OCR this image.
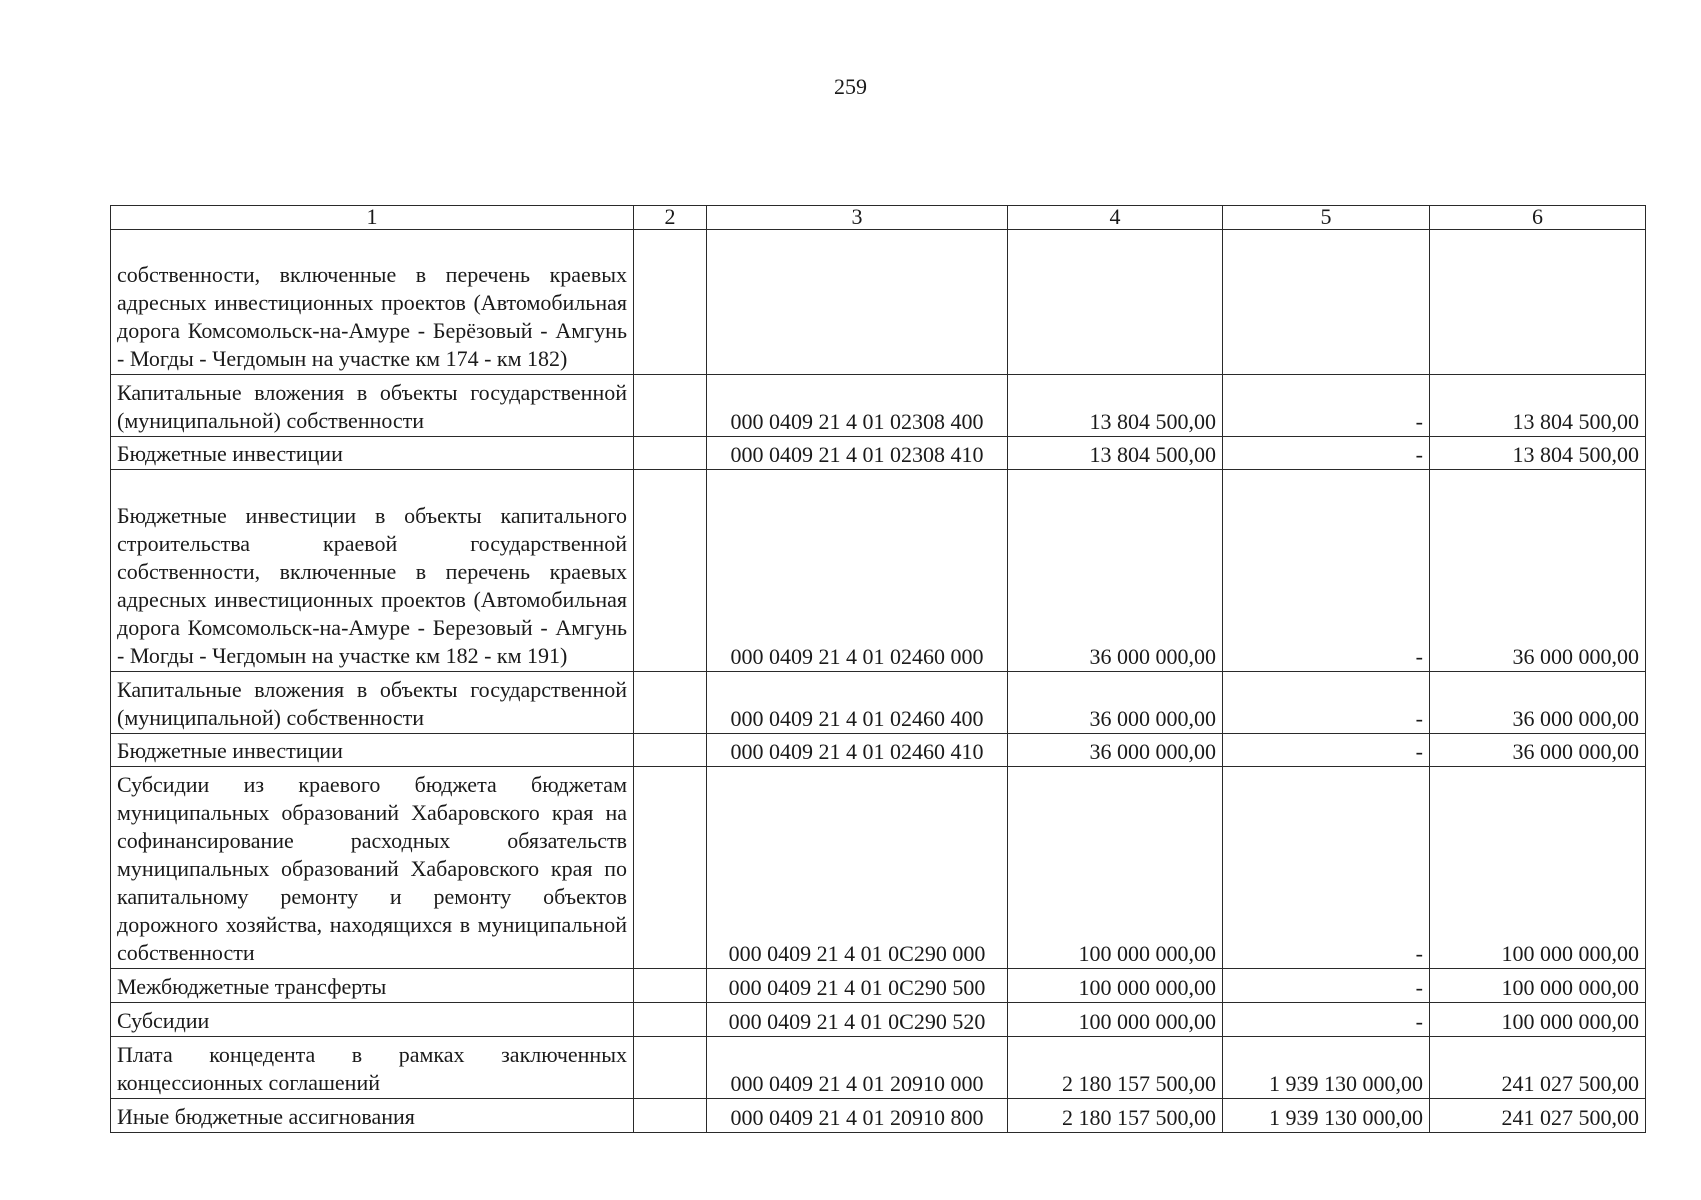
259
1	2	3	4	5	6
собственности, включенные в перечень краевых адресных инвестиционных проектов (Автомобильная дорога Комсомольск-на-Амуре - Берёзовый - Амгунь - Могды - Чегдомын на участке км 174 - км 182)					
Капитальные вложения в объекты государственной (муниципальной) собственности		000 0409 21 4 01 02308 400	13 804 500,00	-	13 804 500,00
Бюджетные инвестиции		000 0409 21 4 01 02308 410	13 804 500,00	-	13 804 500,00
Бюджетные инвестиции в объекты капитального строительства краевой государственной собственности, включенные в перечень краевых адресных инвестиционных проектов (Автомобильная дорога Комсомольск-на-Амуре - Березовый - Амгунь - Могды - Чегдомын на участке км 182 - км 191)		000 0409 21 4 01 02460 000	36 000 000,00	-	36 000 000,00
Капитальные вложения в объекты государственной (муниципальной) собственности		000 0409 21 4 01 02460 400	36 000 000,00	-	36 000 000,00
Бюджетные инвестиции		000 0409 21 4 01 02460 410	36 000 000,00	-	36 000 000,00
Субсидии из краевого бюджета бюджетам муниципальных образований Хабаровского края на софинансирование расходных обязательств муниципальных образований Хабаровского края по капитальному ремонту и ремонту объектов дорожного хозяйства, находящихся в муниципальной собственности		000 0409 21 4 01 0С290 000	100 000 000,00	-	100 000 000,00
Межбюджетные трансферты		000 0409 21 4 01 0С290 500	100 000 000,00	-	100 000 000,00
Субсидии		000 0409 21 4 01 0С290 520	100 000 000,00	-	100 000 000,00
Плата концедента в рамках заключенных концессионных соглашений		000 0409 21 4 01 20910 000	2 180 157 500,00	1 939 130 000,00	241 027 500,00
Иные бюджетные ассигнования		000 0409 21 4 01 20910 800	2 180 157 500,00	1 939 130 000,00	241 027 500,00
